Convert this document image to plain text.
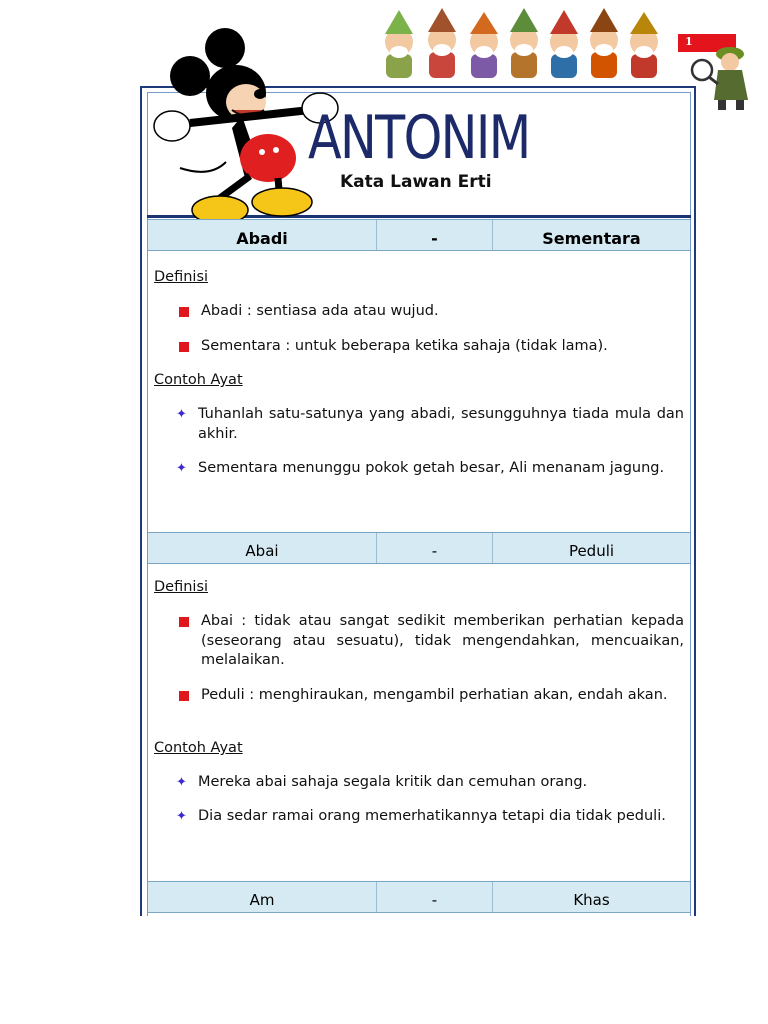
1
ANTONIM
Kata Lawan Erti
Abadi	-	Sementara
Definisi
Abadi : sentiasa ada atau wujud.
Sementara : untuk beberapa ketika sahaja (tidak lama).
Contoh Ayat
✦ Tuhanlah satu-satunya yang abadi, sesungguhnya tiada mula dan akhir.
✦ Sementara menunggu pokok getah besar, Ali menanam jagung.
Abai	-	Peduli
Definisi
Abai : tidak atau sangat sedikit memberikan perhatian kepada (seseorang atau sesuatu), tidak mengendahkan, mencuaikan, melalaikan.
Peduli : menghiraukan, mengambil perhatian akan, endah akan.
Contoh Ayat
✦ Mereka abai sahaja segala kritik dan cemuhan orang.
✦ Dia sedar ramai orang memerhatikannya tetapi dia tidak peduli.
Am	-	Khas
